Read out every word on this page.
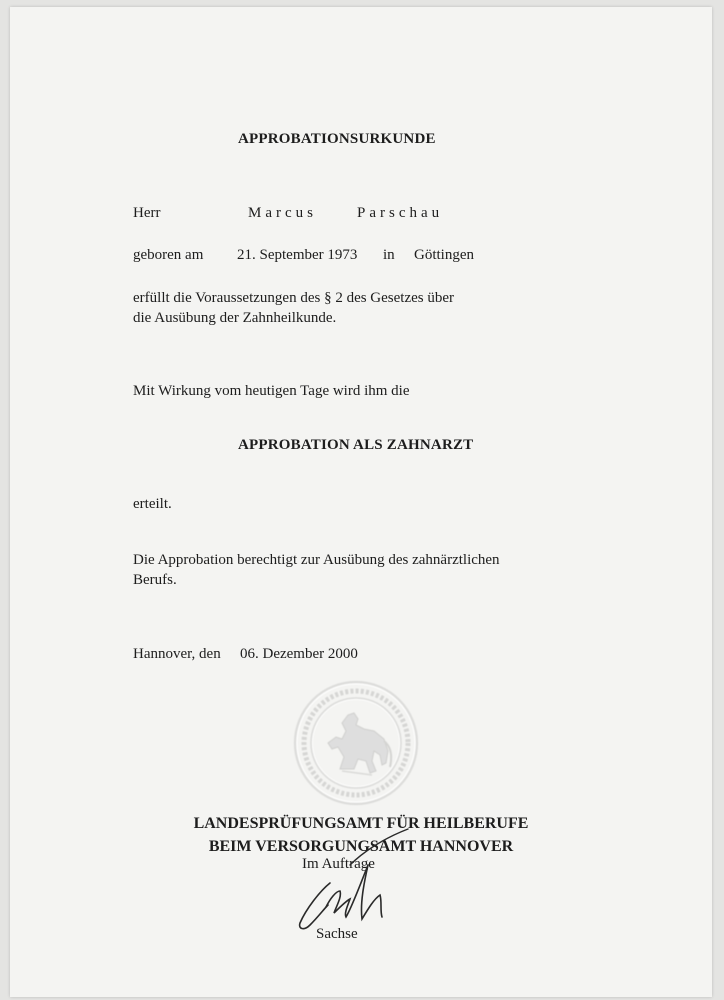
APPROBATIONSURKUNDE
Herr	Marcus	Parschau
geboren am 21. September 1973 in Göttingen
erfüllt die Voraussetzungen des § 2 des Gesetzes über
die Ausübung der Zahnheilkunde.
Mit Wirkung vom heutigen Tage wird ihm die
APPROBATION ALS ZAHNARZT
erteilt.
Die Approbation berechtigt zur Ausübung des zahnärztlichen
Berufs.
Hannover, den 06. Dezember 2000

LANDESPRÜFUNGSAMT FÜR HEILBERUFE

BEIM VERSORGUNGSAMT HANNOVER

Im Auftrage
Sachse
